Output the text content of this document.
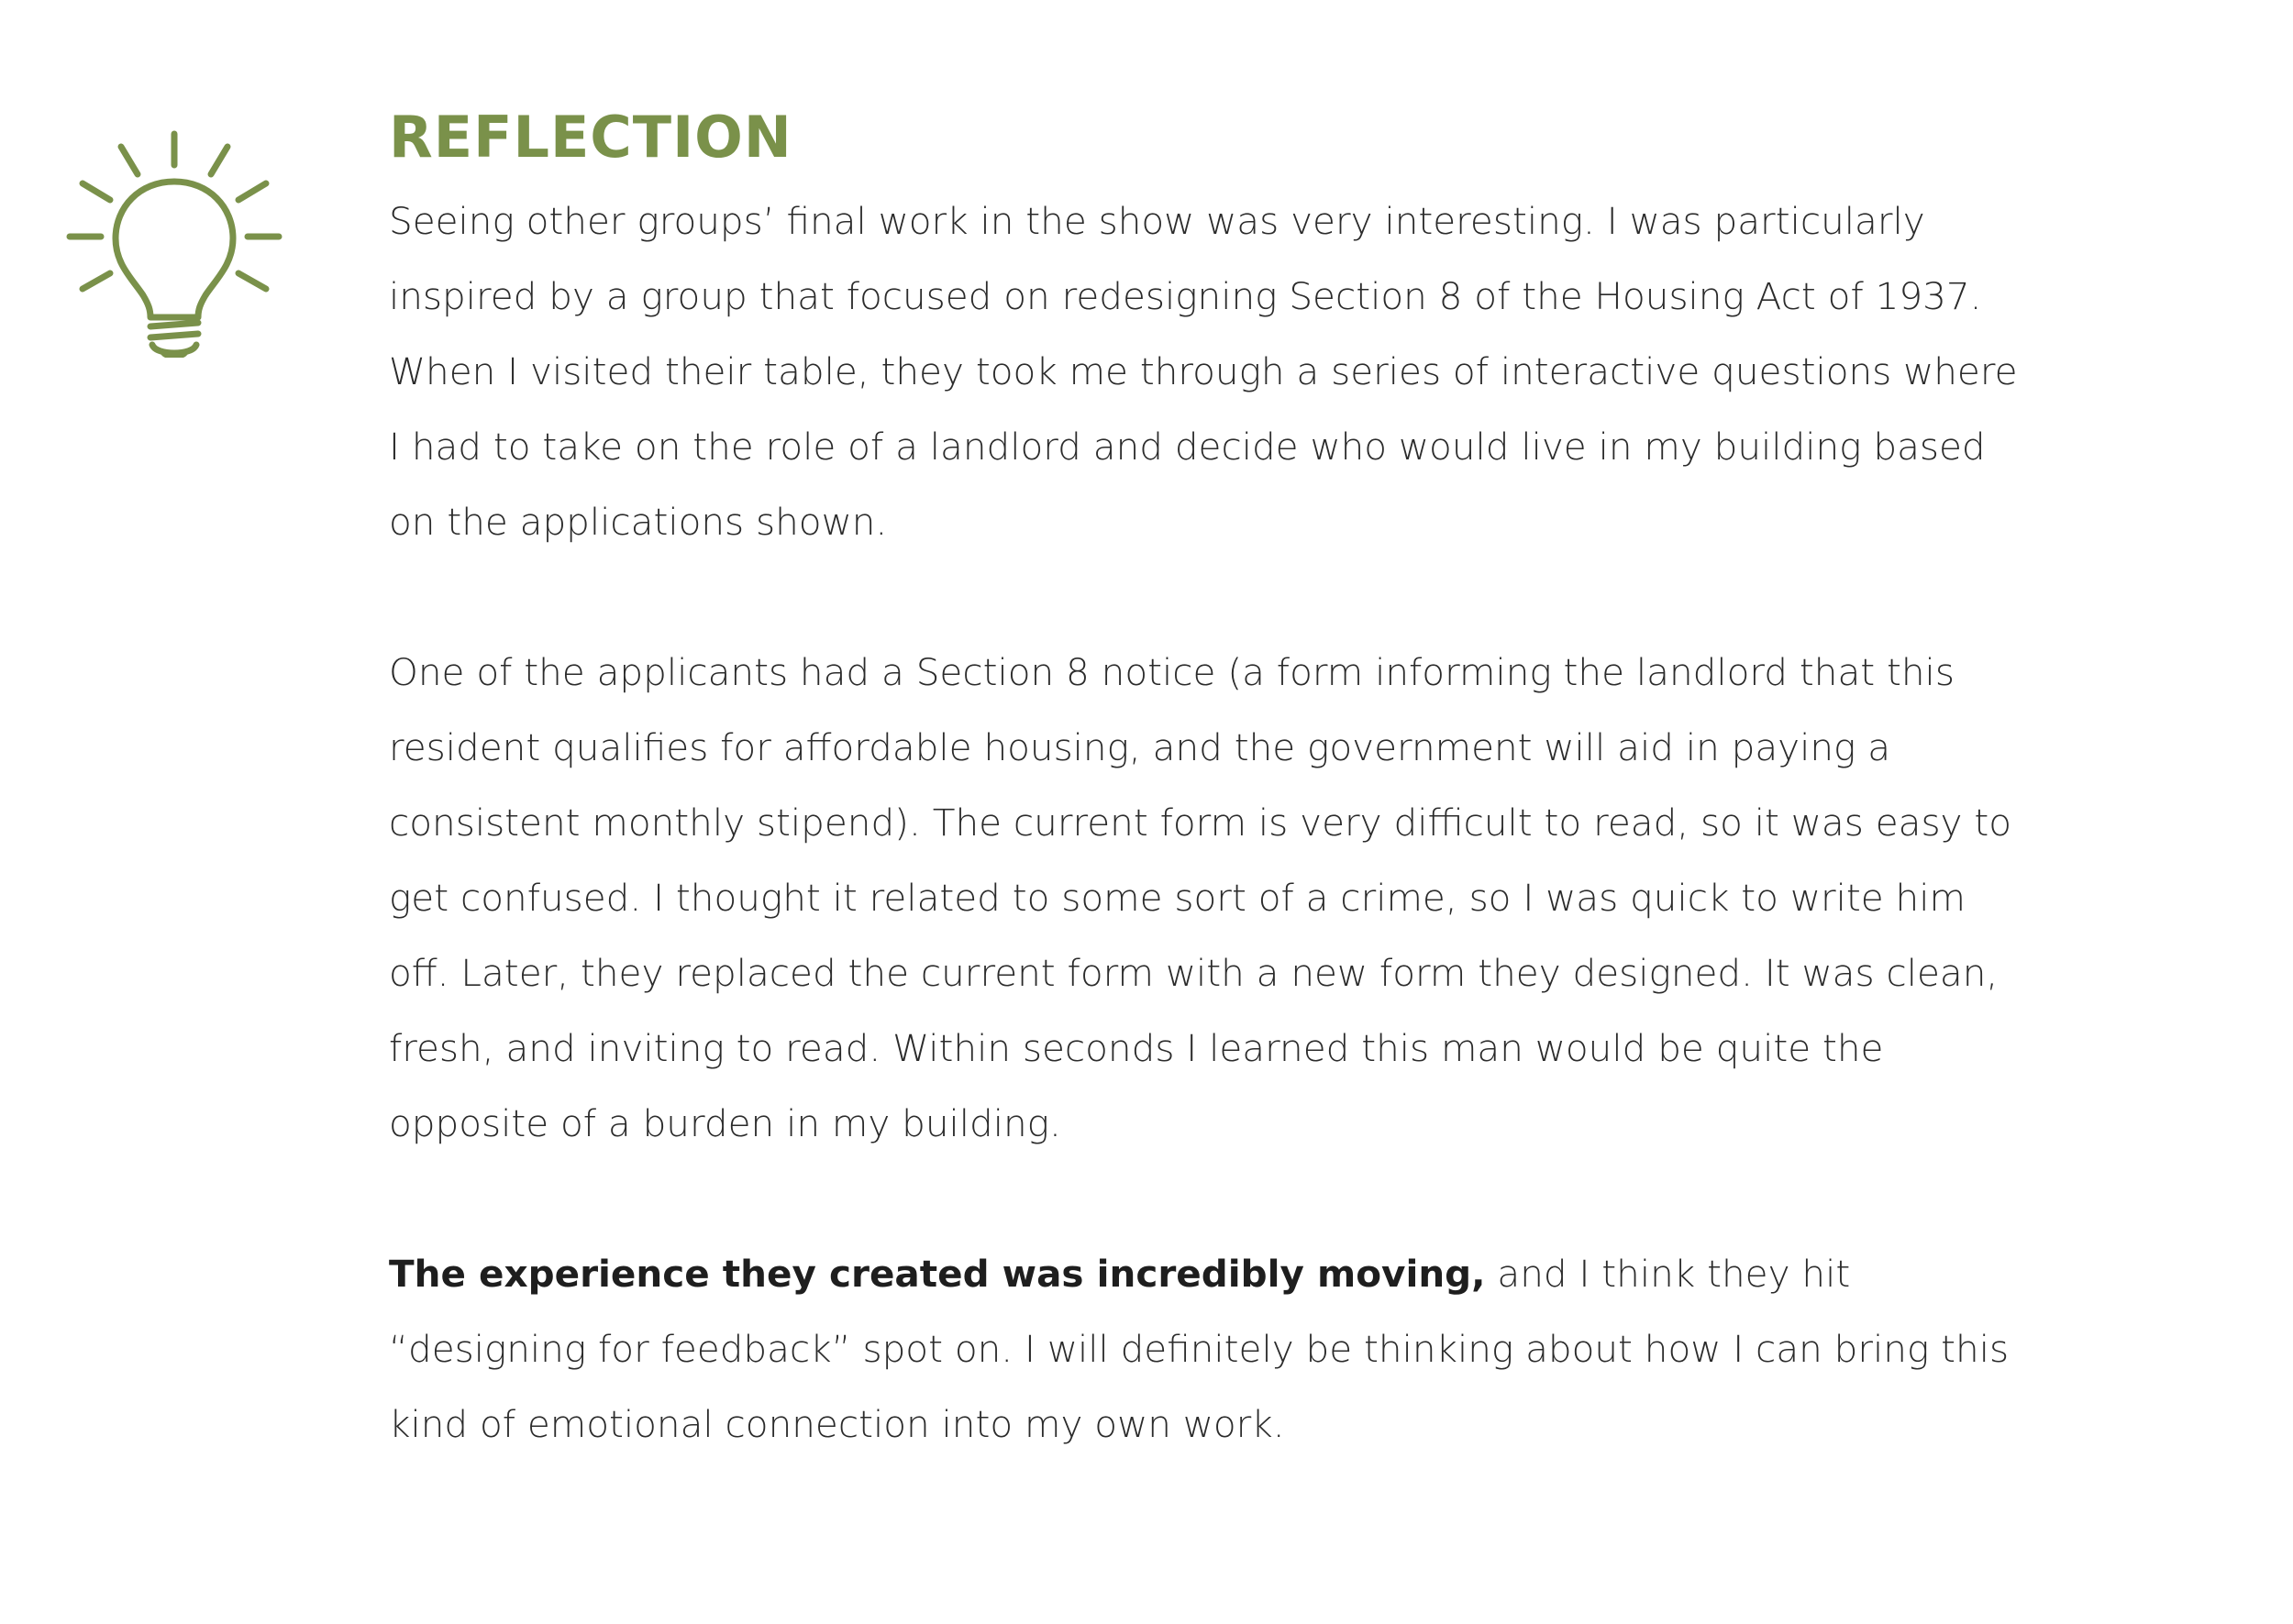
REFLECTION

Seeing other groups’ final work in the show was very interesting. I was particularly inspired by a group that focused on redesigning Section 8 of the Housing Act of 1937. When I visited their table, they took me through a series of interactive questions where I had to take on the role of a landlord and decide who would live in my building based on the applications shown.

One of the applicants had a Section 8 notice (a form informing the landlord that this resident qualifies for affordable housing, and the government will aid in paying a consistent monthly stipend). The current form is very difficult to read, so it was easy to get confused. I thought it related to some sort of a crime, so I was quick to write him off. Later, they replaced the current form with a new form they designed. It was clean, fresh, and inviting to read. Within seconds I learned this man would be quite the opposite of a burden in my building.

The experience they created was incredibly moving, and I think they hit “designing for feedback” spot on. I will definitely be thinking about how I can bring this kind of emotional connection into my own work.
